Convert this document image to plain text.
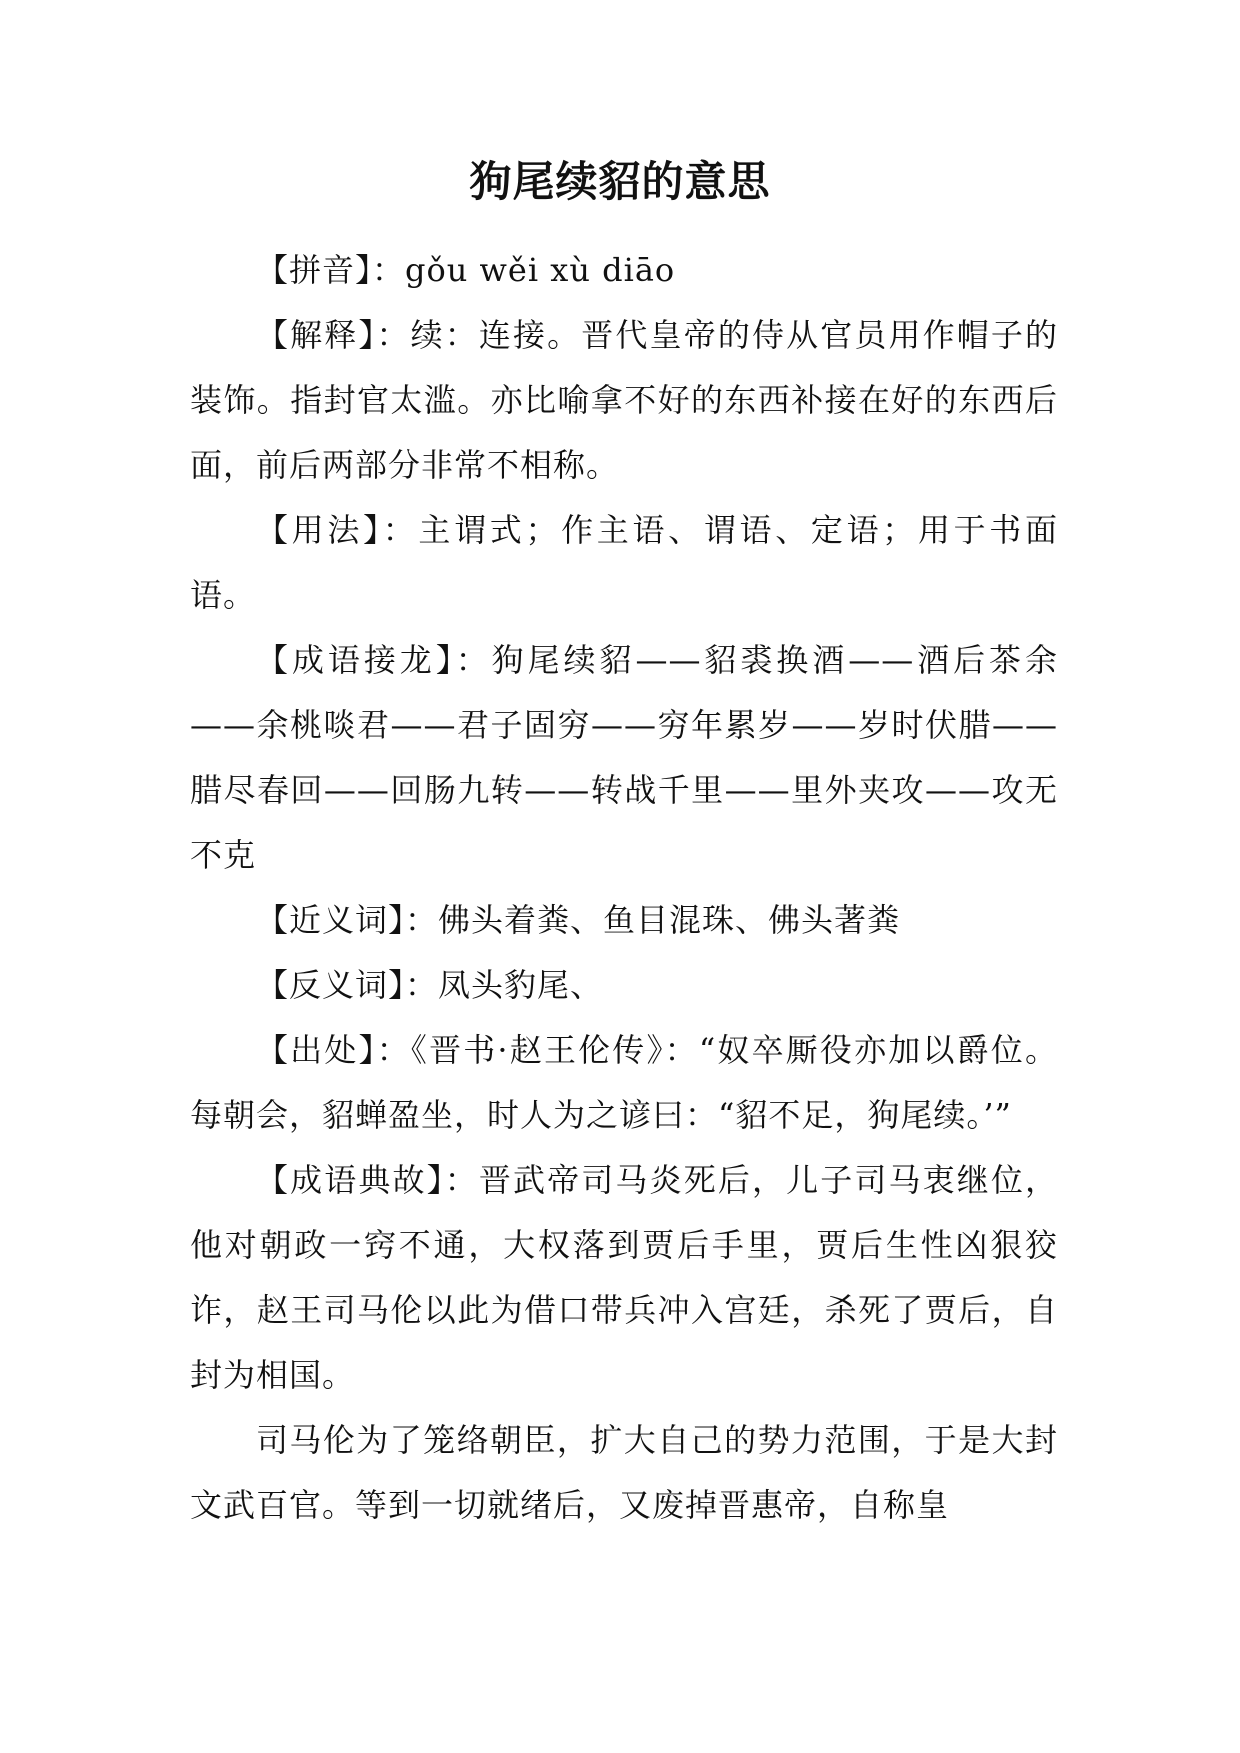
狗尾续貂的意思

【拼音】：gǒu wěi xù diāo

【解释】：续：连接。晋代皇帝的侍从官员用作帽子的装饰。指封官太滥。亦比喻拿不好的东西补接在好的东西后面，前后两部分非常不相称。

【用法】：主谓式；作主语、谓语、定语；用于书面语。

【成语接龙】：狗尾续貂——貂裘换酒——酒后茶余——余桃啖君——君子固穷——穷年累岁——岁时伏腊——腊尽春回——回肠九转——转战千里——里外夹攻——攻无不克

【近义词】：佛头着粪、鱼目混珠、佛头著粪

【反义词】：凤头豹尾、

【出处】：《晋书·赵王伦传》：“奴卒厮役亦加以爵位。每朝会，貂蝉盈坐，时人为之谚曰：“貂不足，狗尾续。’”

【成语典故】：晋武帝司马炎死后，儿子司马衷继位，他对朝政一窍不通，大权落到贾后手里，贾后生性凶狠狡诈，赵王司马伦以此为借口带兵冲入宫廷，杀死了贾后，自封为相国。

司马伦为了笼络朝臣，扩大自己的势力范围，于是大封文武百官。等到一切就绪后，又废掉晋惠帝，自称皇
